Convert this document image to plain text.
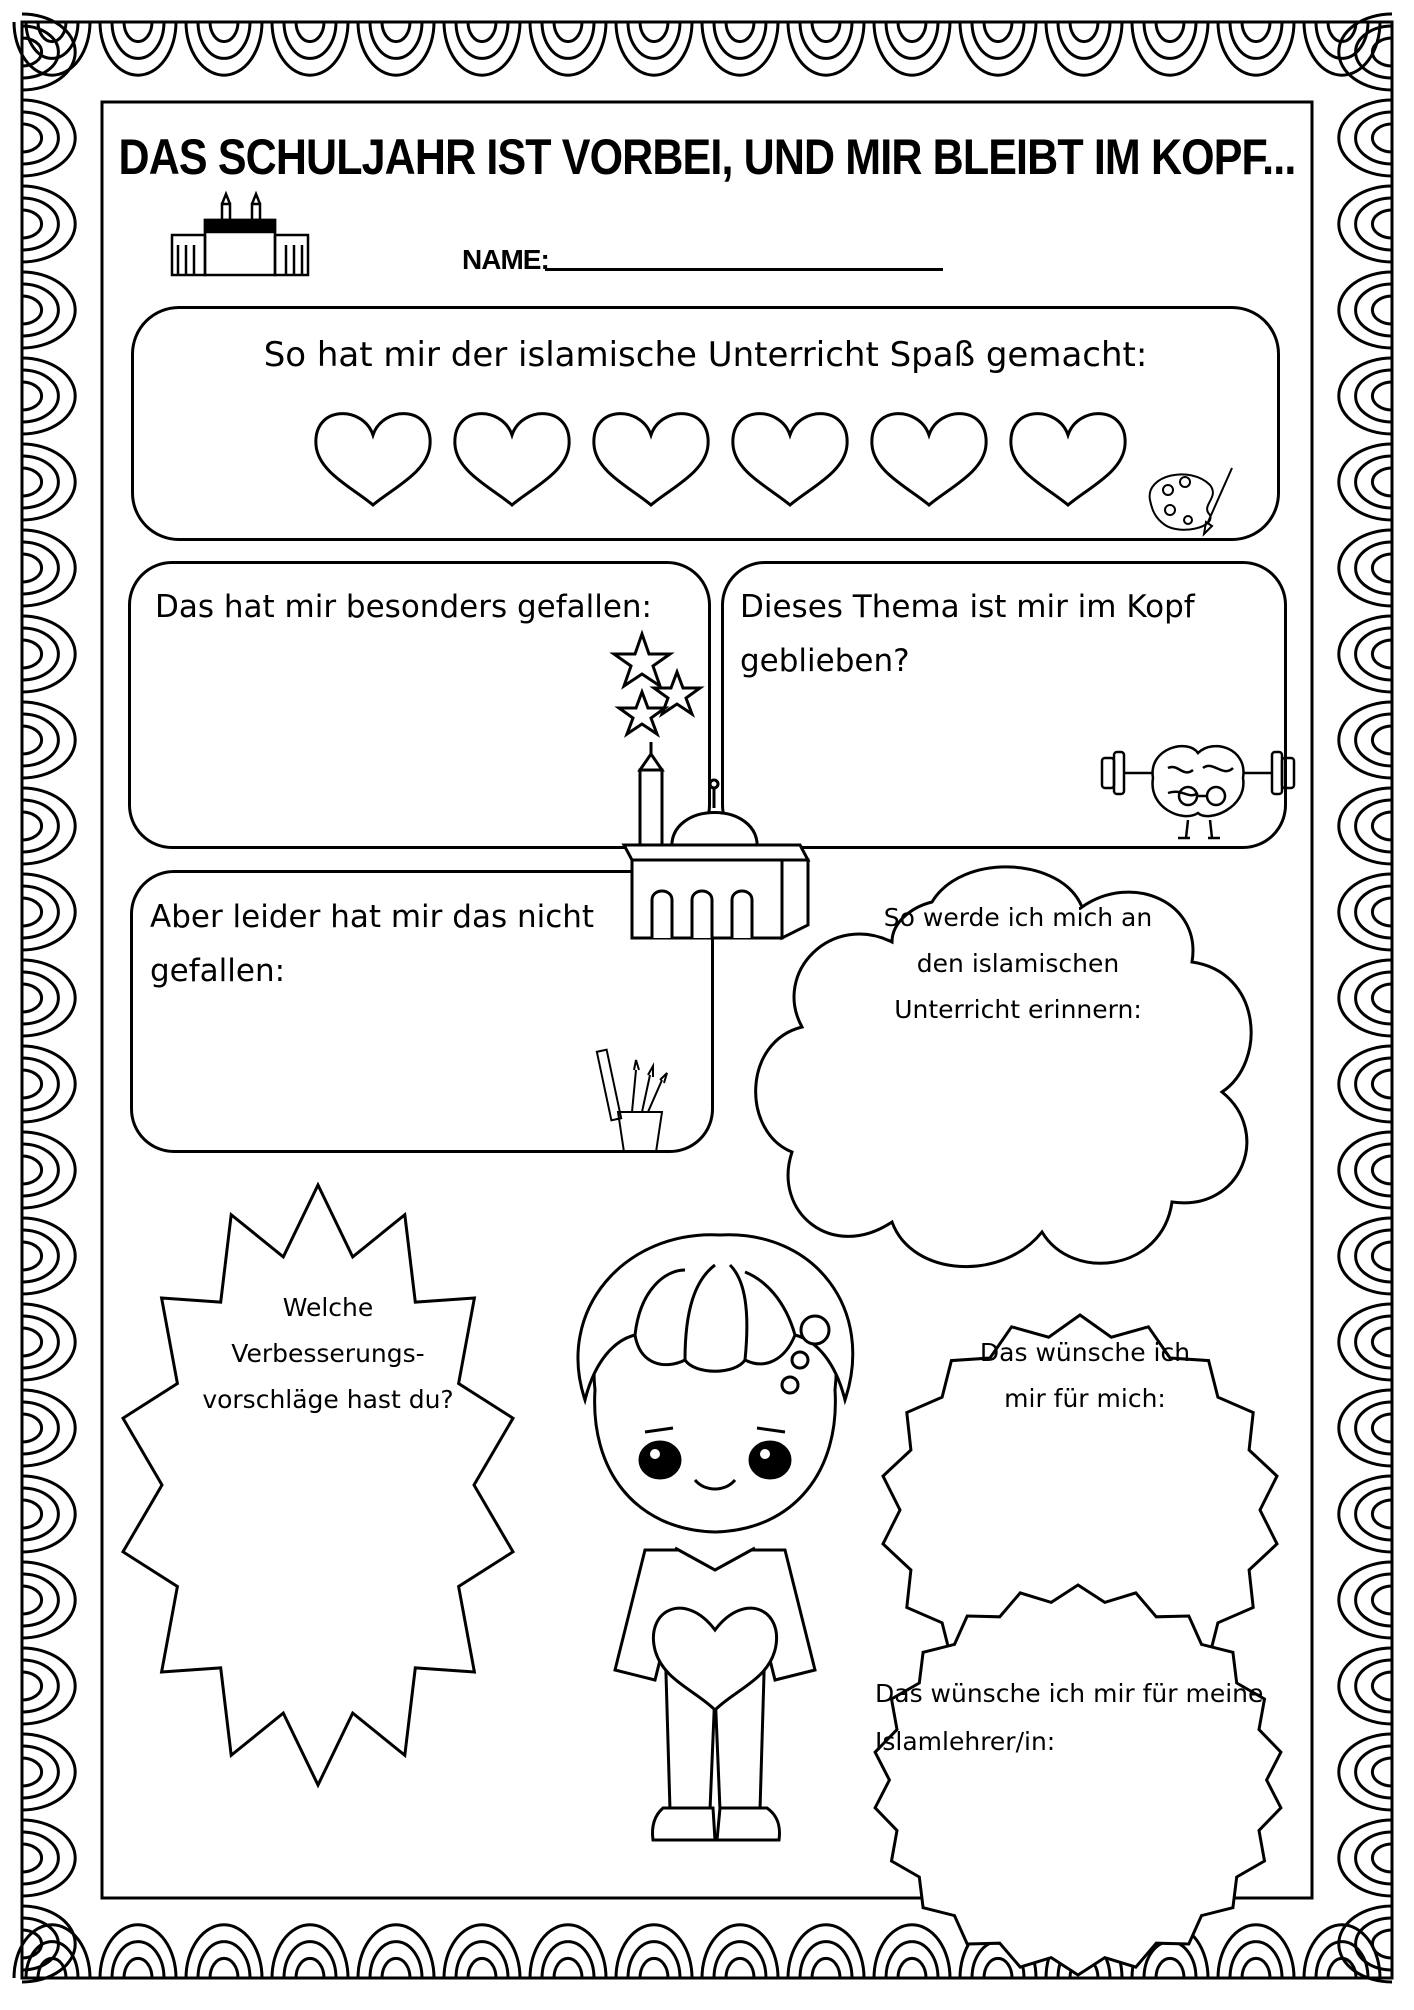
DAS SCHULJAHR IST VORBEI, UND MIR BLEIBT IM KOPF...
NAME:
So hat mir der islamische Unterricht Spaß gemacht:
Das hat mir besonders gefallen:	Dieses Thema ist mir im Kopf geblieben?
Aber leider hat mir das nicht gefallen:
So werde ich mich an den islamischen Unterricht erinnern:
Welche Verbesserungs- vorschläge hast du?
Das wünsche ich mir für mich:
Das wünsche ich mir für meine Islamlehrer/in:
